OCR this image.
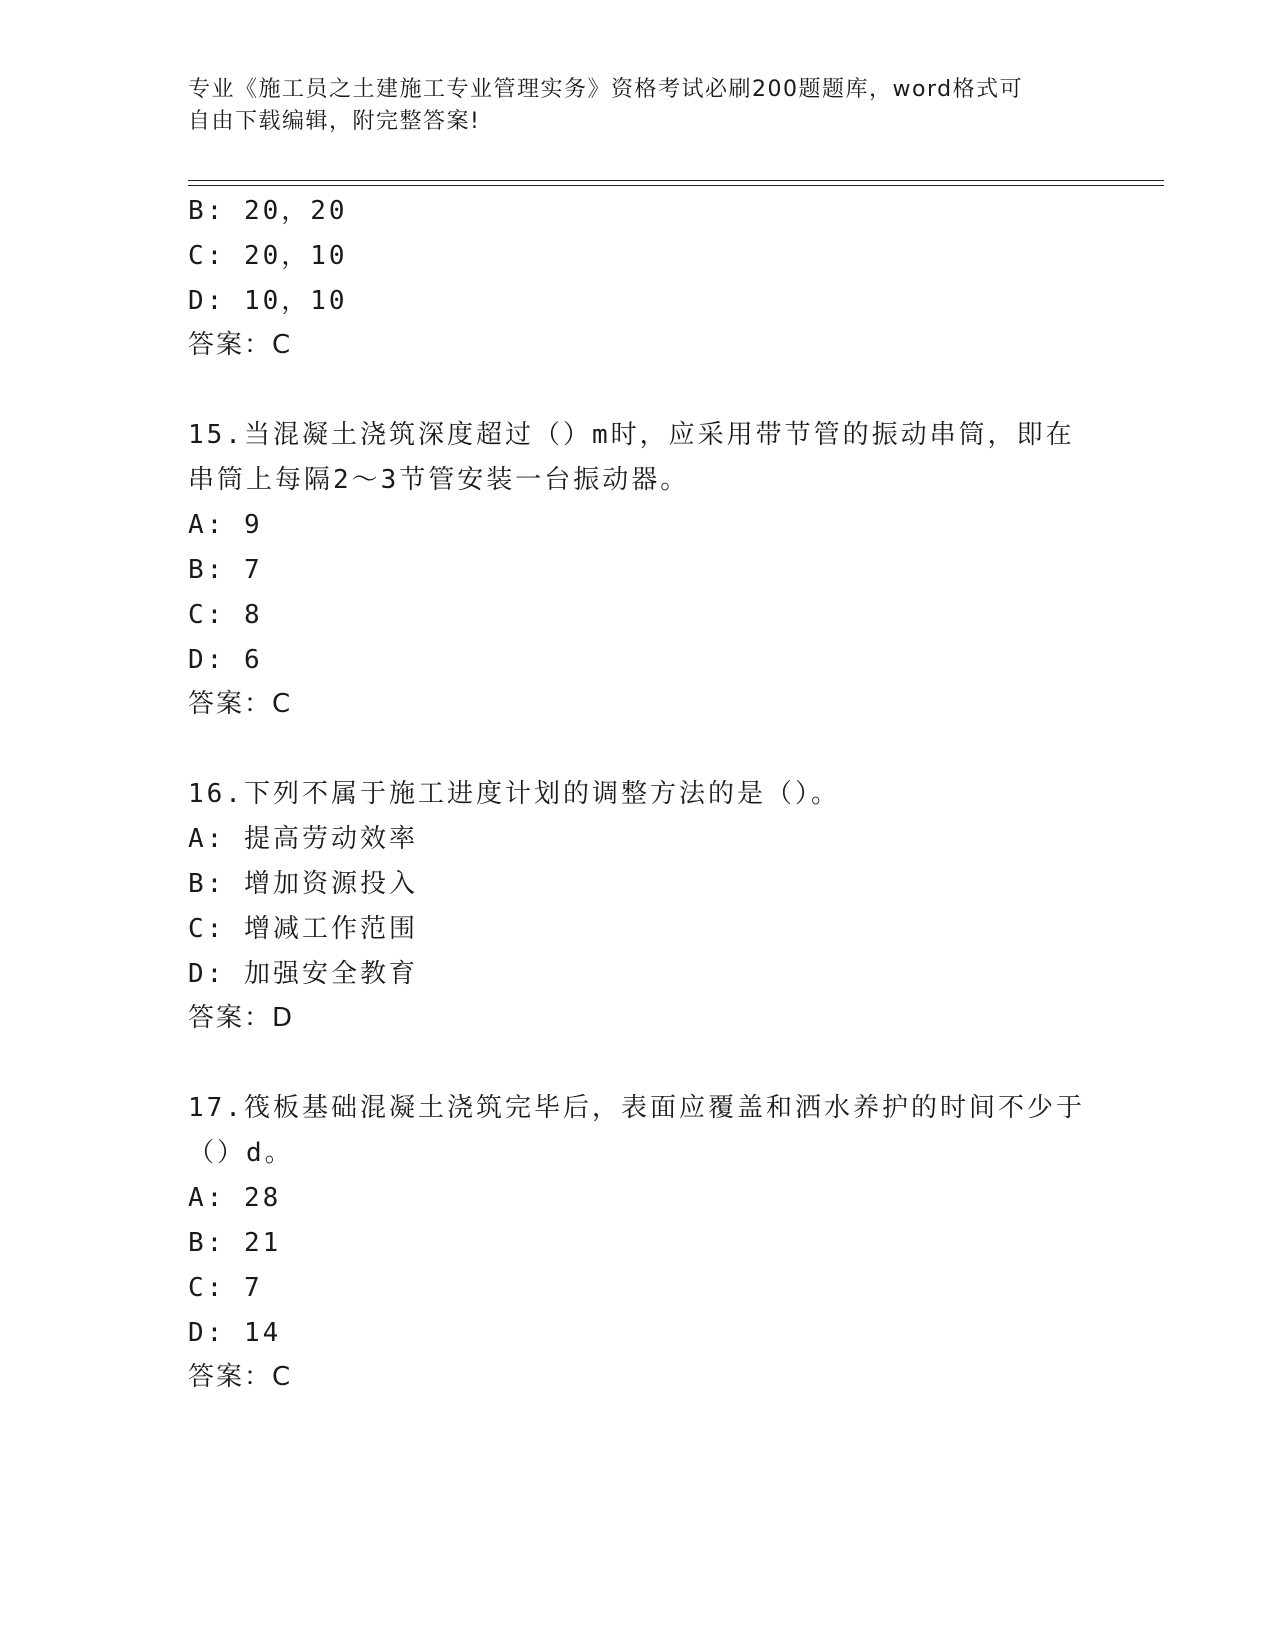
专业《施工员之土建施工专业管理实务》资格考试必刷200题题库，word格式可
自由下载编辑，附完整答案!
B: 20，20
C: 20，10
D: 10，10
答案：C
15.当混凝土浇筑深度超过（）m时，应采用带节管的振动串筒，即在
串筒上每隔2～3节管安装一台振动器。
A: 9
B: 7
C: 8
D: 6
答案：C
16.下列不属于施工进度计划的调整方法的是（）。
A: 提高劳动效率
B: 增加资源投入
C: 增减工作范围
D: 加强安全教育
答案：D
17.筏板基础混凝土浇筑完毕后，表面应覆盖和洒水养护的时间不少于
（）d。
A: 28
B: 21
C: 7
D: 14
答案：C
